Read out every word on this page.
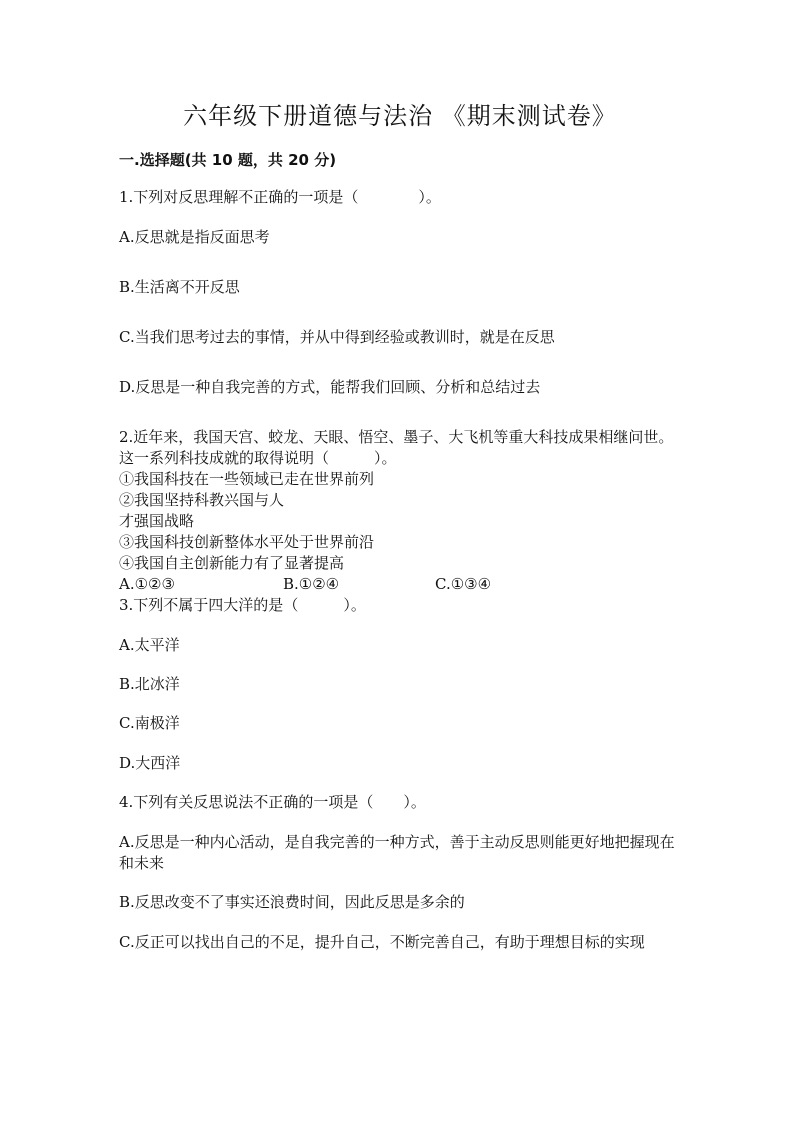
六年级下册道德与法治 《期末测试卷》
一.选择题(共 10 题，共 20 分)
1.下列对反思理解不正确的一项是（　　　　）。
A.反思就是指反面思考
B.生活离不开反思
C.当我们思考过去的事情，并从中得到经验或教训时，就是在反思
D.反思是一种自我完善的方式，能帮我们回顾、分析和总结过去
2.近年来，我国天宫、蛟龙、天眼、悟空、墨子、大飞机等重大科技成果相继问世。这一系列科技成就的取得说明（　　　）。
①我国科技在一些领域已走在世界前列
②我国坚持科教兴国与人
才强国战略
③我国科技创新整体水平处于世界前沿
④我国自主创新能力有了显著提高
A.①②③	B.①②④	C.①③④
3.下列不属于四大洋的是（　　　）。
A.太平洋
B.北冰洋
C.南极洋
D.大西洋
4.下列有关反思说法不正确的一项是（　　）。
A.反思是一种内心活动，是自我完善的一种方式，善于主动反思则能更好地把握现在和未来
B.反思改变不了事实还浪费时间，因此反思是多余的
C.反正可以找出自己的不足，提升自己，不断完善自己，有助于理想目标的实现
